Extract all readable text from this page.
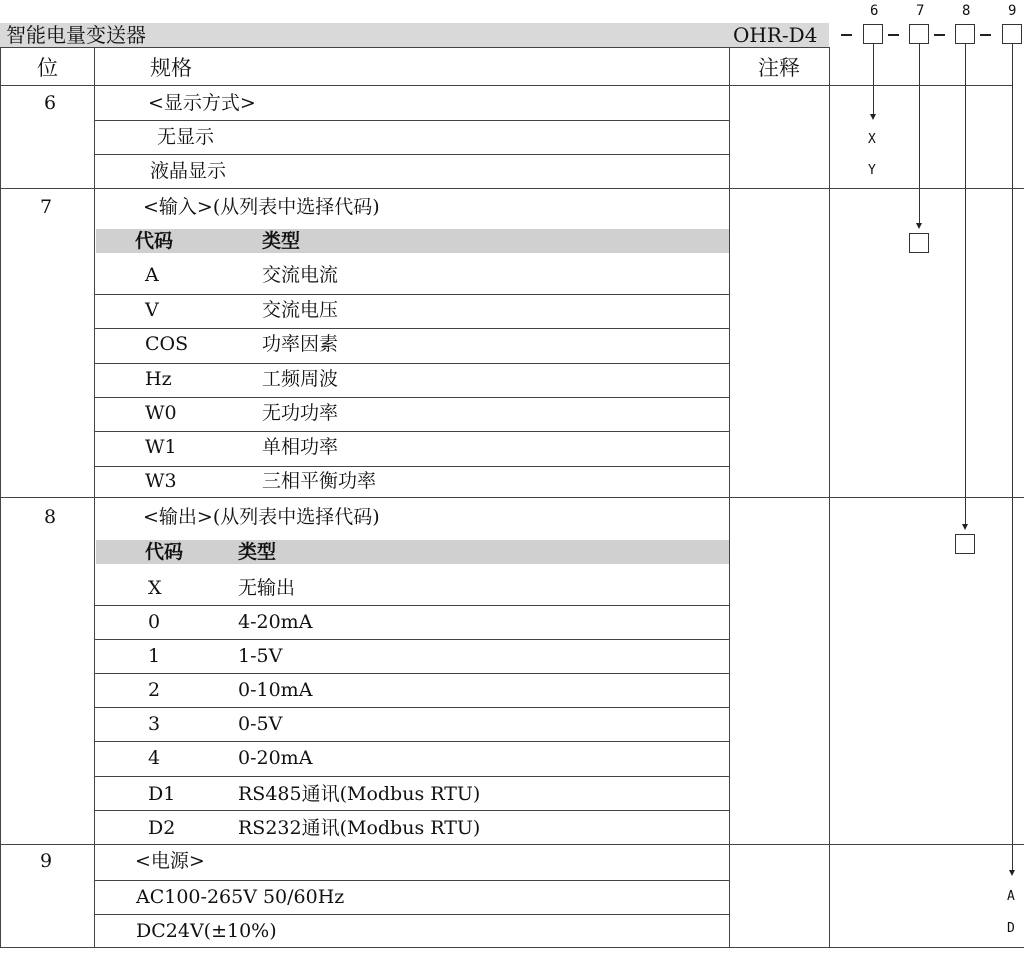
智能电量变送器	OHR-D4
6	7	8	9
X
Y
A
D
位	规格	注释
6	<显示方式>
无显示
液晶显示
7	<输入>(从列表中选择代码)
代码	类型
A	交流电流
V	交流电压
COS	功率因素
Hz	工频周波
W0	无功功率
W1	单相功率
W3	三相平衡功率
8	<输出>(从列表中选择代码)
代码	类型
X	无输出
0	4-20mA
1	1-5V
2	0-10mA
3	0-5V
4	0-20mA
D1	RS485通讯(Modbus RTU)
D2	RS232通讯(Modbus RTU)
9	<电源>
AC100-265V 50/60Hz
DC24V(±10%)
